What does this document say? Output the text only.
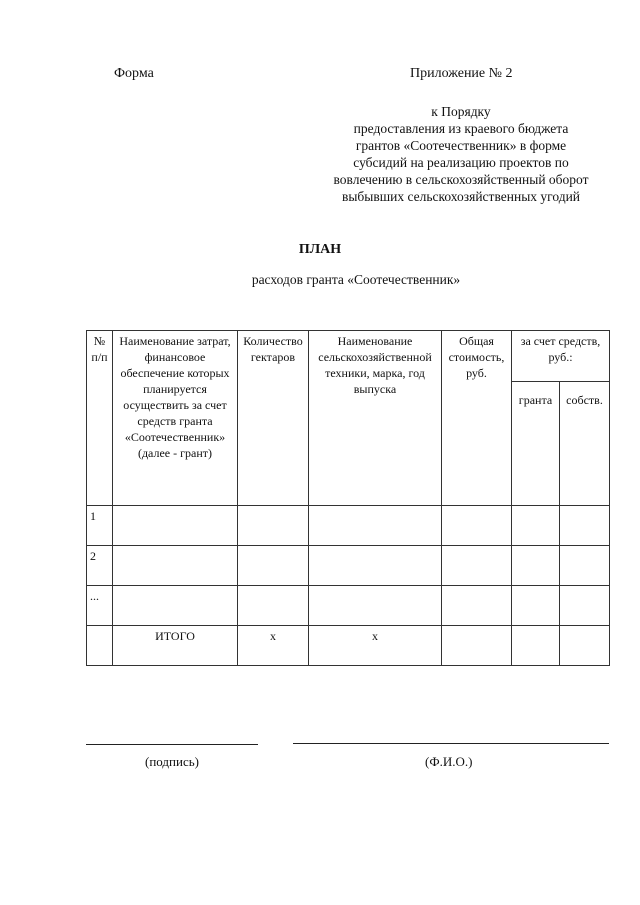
Форма	Приложение № 2
к Порядку
предоставления из краевого бюджета
грантов «Соотечественник» в форме
субсидий на реализацию проектов по
вовлечению в сельскохозяйственный оборот
выбывших сельскохозяйственных угодий
ПЛАН
расходов гранта «Соотечественник»
№ п/п	Наименование затрат, финансовое обеспечение которых планируется осуществить за счет средств гранта «Соотечественник» (далее - грант)	Количество гектаров	Наименование сельскохозяйственной техники, марка, год выпуска	Общая стоимость, руб.	за счет средств, руб.:	
					гранта	собств.
1						
2						
...						
	ИТОГО	х	х			
(подпись)	(Ф.И.О.)
